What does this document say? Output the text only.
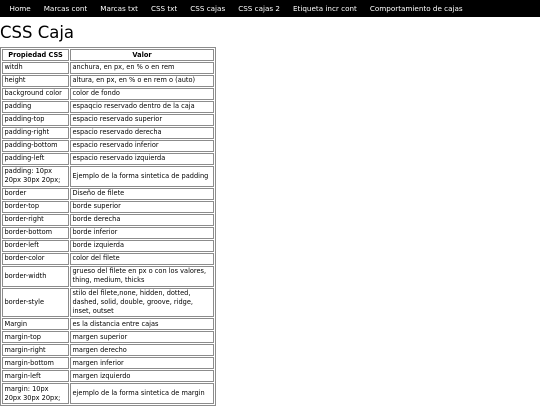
Home	Marcas cont	Marcas txt	CSS txt	CSS cajas	CSS cajas 2	Etiqueta incr cont	Comportamiento de cajas
CSS Caja
Propiedad CSS	Valor
witdh	anchura, en px, en % o en rem
height	altura, en px, en % o en rem o (auto)
background color	color de fondo
padding	espaqcio reservado dentro de la caja
padding-top	espacio reservado superior
padding-right	espacio reservado derecha
padding-bottom	espacio reservado inferior
padding-left	espacio reservado izquierda
padding: 10px 20px 30px 20px;	Ejemplo de la forma sintetica de padding
border	Diseño de filete
border-top	borde superior
border-right	borde derecha
border-bottom	borde inferior
border-left	borde izquierda
border-color	color del filete
border-width	grueso del filete en px o con los valores, thing, medium, thicks
border-style	stilo del filete,none, hidden, dotted, dashed, solid, double, groove, ridge, inset, outset
Margin	es la distancia entre cajas
margin-top	margen superior
margin-right	margen derecho
margin-bottom	margen inferior
margin-left	margen izquierdo
margin: 10px 20px 30px 20px;	ejemplo de la forma sintetica de margin
